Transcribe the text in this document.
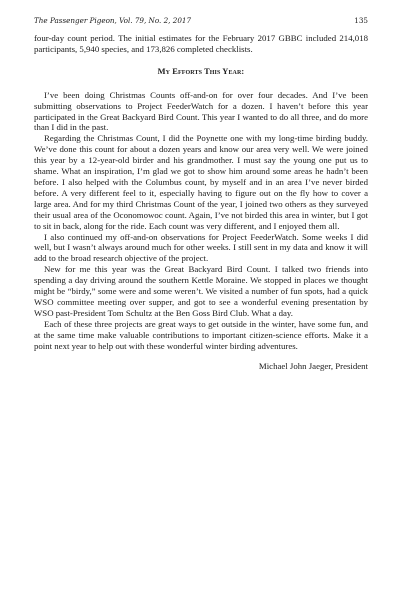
The Passenger Pigeon, Vol. 79, No. 2, 2017	135

four-day count period. The initial estimates for the February 2017 GBBC included 214,018 participants, 5,940 species, and 173,826 completed checklists.

My Efforts This Year:

I’ve been doing Christmas Counts off-and-on for over four decades. And I’ve been submitting observations to Project FeederWatch for a dozen. I haven’t before this year participated in the Great Backyard Bird Count. This year I wanted to do all three, and do more than I did in the past.

Regarding the Christmas Count, I did the Poynette one with my long-time birding buddy. We’ve done this count for about a dozen years and know our area very well. We were joined this year by a 12-year-old birder and his grandmother. I must say the young one put us to shame. What an inspiration, I’m glad we got to show him around some areas he hadn’t been before. I also helped with the Columbus count, by myself and in an area I’ve never birded before. A very different feel to it, especially having to figure out on the fly how to cover a large area. And for my third Christmas Count of the year, I joined two others as they surveyed their usual area of the Oconomowoc count. Again, I’ve not birded this area in winter, but I got to sit in back, along for the ride. Each count was very different, and I enjoyed them all.

I also continued my off-and-on observations for Project FeederWatch. Some weeks I did well, but I wasn’t always around much for other weeks. I still sent in my data and know it will add to the broad research objective of the project.

New for me this year was the Great Backyard Bird Count. I talked two friends into spending a day driving around the southern Kettle Moraine. We stopped in places we thought might be “birdy,” some were and some weren’t. We visited a number of fun spots, had a quick WSO committee meeting over supper, and got to see a wonderful evening presentation by WSO past-President Tom Schultz at the Ben Goss Bird Club. What a day.

Each of these three projects are great ways to get outside in the winter, have some fun, and at the same time make valuable contributions to important citizen-science efforts. Make it a point next year to help out with these wonderful winter birding adventures.

Michael John Jaeger, President
